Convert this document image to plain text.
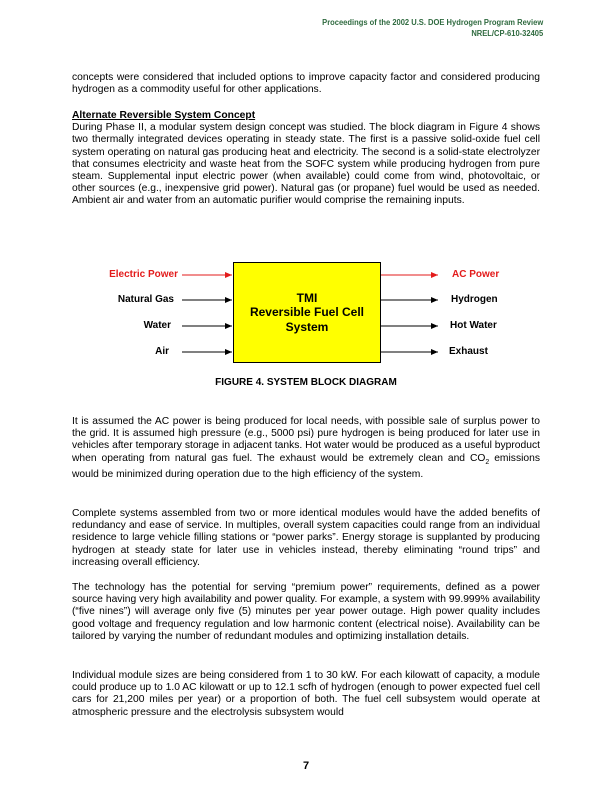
Proceedings of the 2002 U.S. DOE Hydrogen Program Review
NREL/CP-610-32405

concepts were considered that included options to improve capacity factor and considered producing hydrogen as a commodity useful for other applications.

Alternate Reversible System Concept
During Phase II, a modular system design concept was studied. The block diagram in Figure 4 shows two thermally integrated devices operating in steady state. The first is a passive solid-oxide fuel cell system operating on natural gas producing heat and electricity. The second is a solid-state electrolyzer that consumes electricity and waste heat from the SOFC system while producing hydrogen from pure steam. Supplemental input electric power (when available) could come from wind, photovoltaic, or other sources (e.g., inexpensive grid power). Natural gas (or propane) fuel would be used as needed. Ambient air and water from an automatic purifier would comprise the remaining inputs.
Electric Power
Natural Gas
Water
Air
TMI
Reversible Fuel Cell
System
AC Power
Hydrogen
Hot Water
Exhaust
FIGURE 4. SYSTEM BLOCK DIAGRAM

It is assumed the AC power is being produced for local needs, with possible sale of surplus power to the grid. It is assumed high pressure (e.g., 5000 psi) pure hydrogen is being produced for later use in vehicles after temporary storage in adjacent tanks. Hot water would be produced as a useful byproduct when operating from natural gas fuel. The exhaust would be extremely clean and $CO_2$ emissions would be minimized during operation due to the high efficiency of the system.

Complete systems assembled from two or more identical modules would have the added benefits of redundancy and ease of service. In multiples, overall system capacities could range from an individual residence to large vehicle filling stations or “power parks”. Energy storage is supplanted by producing hydrogen at steady state for later use in vehicles instead, thereby eliminating “round trips” and increasing overall efficiency.

The technology has the potential for serving “premium power” requirements, defined as a power source having very high availability and power quality. For example, a system with 99.999% availability (“five nines”) will average only five (5) minutes per year power outage. High power quality includes good voltage and frequency regulation and low harmonic content (electrical noise). Availability can be tailored by varying the number of redundant modules and optimizing installation details.

Individual module sizes are being considered from 1 to 30 kW. For each kilowatt of capacity, a module could produce up to 1.0 AC kilowatt or up to 12.1 scfh of hydrogen (enough to power expected fuel cell cars for 21,200 miles per year) or a proportion of both. The fuel cell subsystem would operate at atmospheric pressure and the electrolysis subsystem would

7
